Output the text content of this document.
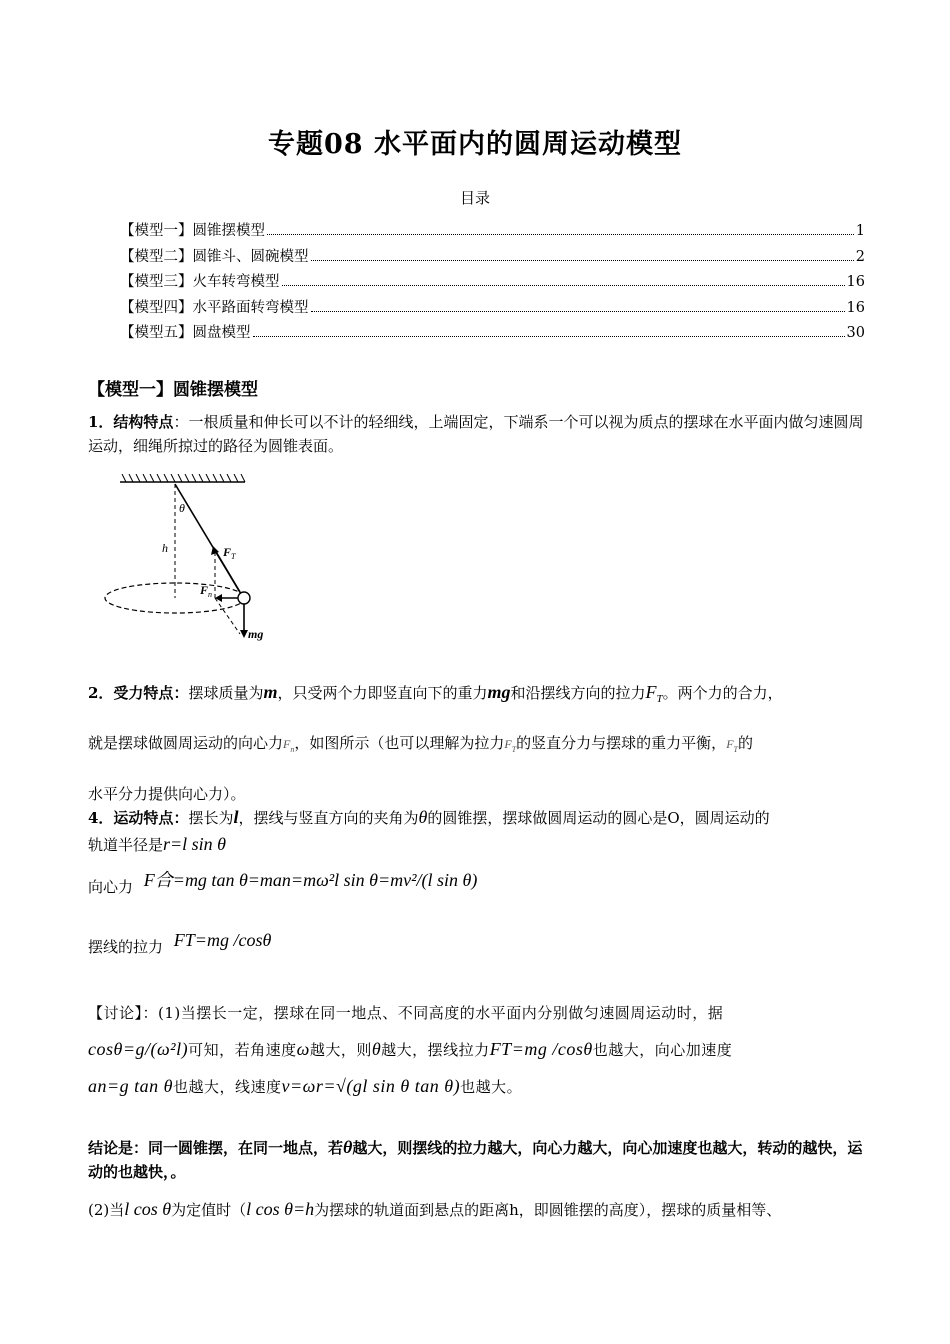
专题08 水平面内的圆周运动模型
目录
【模型一】圆锥摆模型	1
【模型二】圆锥斗、圆碗模型	2
【模型三】火车转弯模型	16
【模型四】水平路面转弯模型	16
【模型五】圆盘模型	30
【模型一】圆锥摆模型
1．结构特点：一根质量和伸长可以不计的轻细线，上端固定，下端系一个可以视为质点的摆球在水平面内做匀速圆周运动，细绳所掠过的路径为圆锥表面。
θ
h	F T
F n
mg
2．受力特点：摆球质量为m，只受两个力即竖直向下的重力mg和沿摆线方向的拉力$F_T$。两个力的合力，
就是摆球做圆周运动的向心力$F_n$，如图所示（也可以理解为拉力$F_T$的竖直分力与摆球的重力平衡，$F_T$的
水平分力提供向心力）。
4．运动特点：摆长为l，摆线与竖直方向的夹角为θ的圆锥摆，摆球做圆周运动的圆心是O，圆周运动的
轨道半径是r=l sin θ
向心力 F合=mg tan θ=man=mω²l sin θ=mv²/(l sin θ)
摆线的拉力 FT=mg /cosθ
【讨论】：(1)当摆长一定，摆球在同一地点、不同高度的水平面内分别做匀速圆周运动时，据
cosθ=g/(ω²l)可知，若角速度ω越大，则θ越大，摆线拉力FT=mg /cosθ也越大，向心加速度
an=g tan θ也越大，线速度v=ωr=√(gl sin θ tan θ)也越大。
结论是：同一圆锥摆，在同一地点，若θ越大，则摆线的拉力越大，向心力越大，向心加速度也越大，转动的越快，运动的也越快，。
(2)当l cos θ为定值时（l cos θ=h为摆球的轨道面到悬点的距离h，即圆锥摆的高度），摆球的质量相等、
